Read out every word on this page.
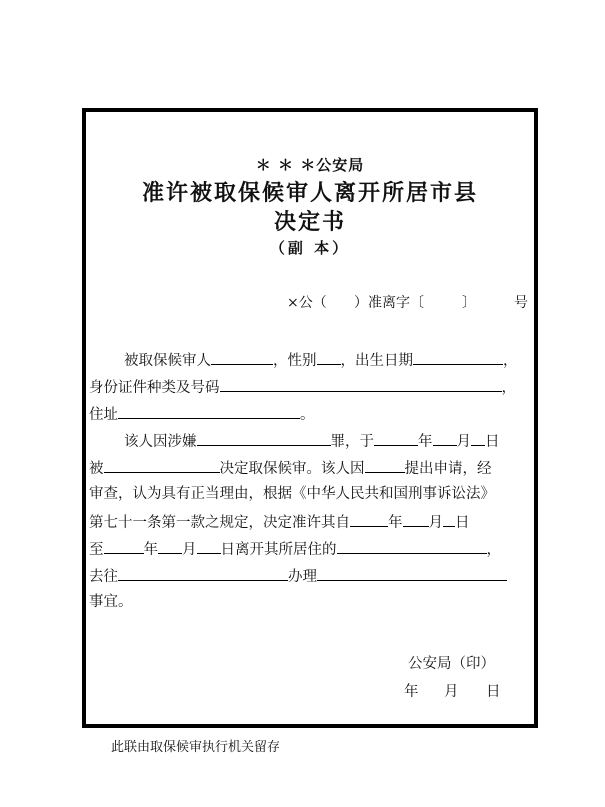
＊ ＊ ＊公安局
准许被取保候审人离开所居市县
决定书
（副 本）
×公（ ）准离字〔	〕	号
被取保候审人	，性别 ，出生日期	，
身份证件种类及号码	，
住址	。
该人因涉嫌	罪，于	年 月 日
被	决定取保候审。该人因	提出申请，经
审查，认为具有正当理由，根据《中华人民共和国刑事诉讼法》
第七十一条第一款之规定，决定准许其自	年 月 日
至	年 月 日离开其所居住的	，
去往	办理
事宜。
公安局（印）
年 月 日
此联由取保候审执行机关留存
